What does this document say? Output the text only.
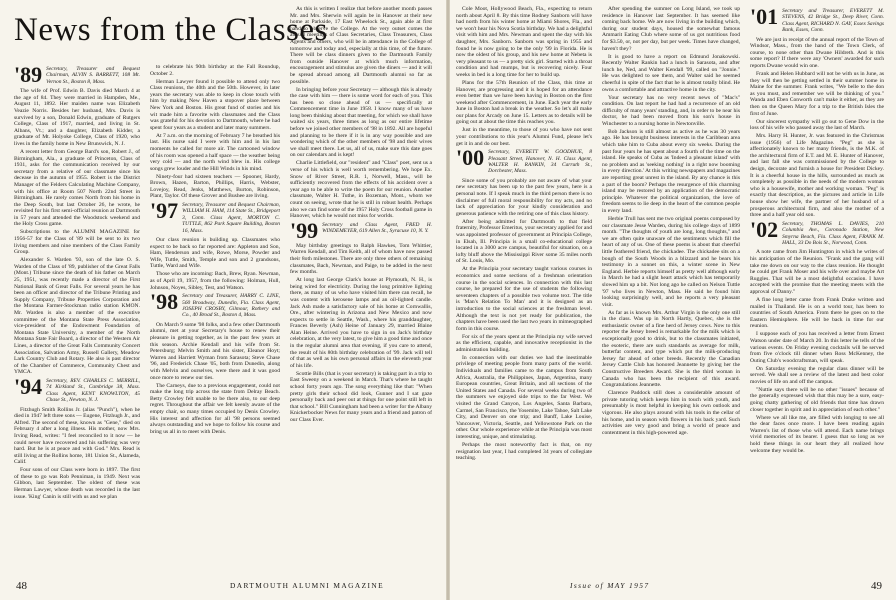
News from the Classes
'89 Secretary, Treasurer and Bequest Chairman, ALVIN S. BARRETT, 108 Mt. Vernon St., Boston 8, Mass.

The wife of Prof. Edwin B. Davis died March 4 at the age of 84. They were married in Hampden, Me., August 11, 1892. Her maiden name was Elizabeth Veazie Norris. Besides her husband, Mrs. Davis is survived by a son, Donald Edwin, graduate of Rutgers College, Class of 1917, married, and living in St. Albans, Vt.; and a daughter, Elizabeth Kidder, a graduate of Mt. Holyoke College, Class of 1920, who lives in the family home in New Brunswick, N. J.

A recent letter from George Bard's son, Robert J., of Birmingham, Ala., a graduate of Princeton, Class of 1931, asks for the communication received by our secretary from a relative of our classmate since his decease in the autumn of 1955. Robert is the District Manager of the Felders Calculating Machine Company, with his office at Room 507 North 22nd Street in Birmingham. He rarely comes North from his home in the Deep South, but last October 26, he wrote, he revisited for his first semi-official reunion at Dartmouth in 57 years and attended the Woodstock weekend and the Holy Cross game.

Subscriptions to the ALUMNI MAGAZINE for 1956-57 for the Class of '89 will be sent to its two living members and nine members of the Class Family Group.

Alexander S. Warden '93, son of the late O. S. Warden of the Class of '89, publisher of the Great Falls (Mont.) Tribune since the death of his father on March 25, 1951, was recently made a director of the First National Bank of Great Falls. For several years he has been an officer and director of the Tribune Printing and Supply Company, Tribune Properties Corporation and the Montana Farmer-Stockman radio station KMON. Mr. Warden is also a member of the executive committee of the Montana State Press Association, vice-president of the Endowment Foundation of Montana State University, a member of the North Montana State Fair Board, a director of the Western Air Lines, a director of the Great Falls Community Concert Association, Salvation Army, Russell Gallery, Meadow Lark Country Club and Rotary. He also is past director of the Chamber of Commerce, Community Chest and YMCA.

'94 Secretary, REV. CHARLES C. MERRILL, 74 Kirkland St., Cambridge 38, Mass. Class Agent, KENT KNOWLTON, 45 Chase St., Newton, N. J.

Fitzhugh Smith Rollins Jr. (alias "Punch"), when he died in 1947 left three sons — Eugene, Fitzhugh Jr., and Alfred. The second of these, known as "Gene," died on February 4 after a long illness. His mother, now Mrs. Irving Read, writes: "I feel reconciled to it now — he could never have recovered and his suffering was very hard. But he is at peace and with God." Mrs. Read is still living at the Rollins home, 181 Union St., Alameda, Calif.

Four sons of our Class were born in 1897. The first of these to go was Rob Penniman, in 1949. Next was Gibbon, last September. The oldest of these was Herman Lawyer, whose death was recorded in the last issue. 'King' Canin is still with us and we plan

to celebrate his 90th birthday at the Fall Roundup, October 2.

Herman Lawyer found it possible to attend only two Class reunions, the 40th and the 50th. However, in later years the secretary was able to keep in close touch with him by making New Haven a stopover place between New York and Boston. His great fund of stories and his wit made him a favorite with classmates and the Class was grateful for his devotion to Dartmouth, where he had spent four years as a student and later many summers.

At 7 a.m. on the morning of February 7 he breathed his last. His nurse said I were with him and in his last moments he called for more air. The cartooned window of his room was opened a half space — the weather being very cold — and the north wind blew in. His college songs grew louder and the Hill Winds in his mind.

Ninety-four had sixteen teachers — Spooner, Hardy, Brown, Hazen, Barton, Phillips, Harris, Webster, Lovejoy, Read, Jenks, Matthews, Burton, Robinson, Plant, Taylor. Of these Grover and Bushee are living.

'97 Secretary, Treasurer and Bequest Chairman, WILLIAM H. HAM, 114 State St., Bridgeport 3, Conn. Class Agent, MORTON C. TUTTLE, 862 Park Square Building, Boston 16, Mass.

Our class reunion is building up. Classmates who expect to be back so far reported are: Appleton and Son, Ham, Henderson and wife, Rowe, Morse, Powder and Wife, Tuttle, Smith, Temple and son and 2 grandsons, Tuttle, Ward and Wife.

Those who are incoming: Bach, Brew, Ryan. Newman, as of April 19, 1957, from the following: Holman, Hull, Johnson, Noyes, Sibley, Test, and Watson.

'98 Secretary and Treasurer, HARRY C. LINE, 560 Broadway, Dunedin, Fla. Class Agent, JOSEPH CROSBY, Gilmour, Rothery and Co., 40 Broad St., Boston 4, Mass.

On March 9 some '98 folks, and a few other Dartmouth alumni, met at your Secretary's house to renew their pleasure in getting together, as in the past few years at this season. Archie Kendall and his wife from St. Petersburg; Melvin Smith and his sister, Eleanor Hoyt; Warren and Harriett Wyman from Sarasota; Steve Chase '96, and Frederick Chase '05, both from Dunedin, along with Melvin and ourselves, were there and it was good once more to renew our ties.

The Carneys, due to a previous engagement, could not make the long trip across the state from Delray Beach. Betty Crowley felt unable to be there also, to our deep regret. Throughout the affair we felt keenly aware of the empty chair, so many times occupied by Denis Crowley. His interest and affection for all '98 persons seemed always outstanding and we hope to follow his course and bring us all in to meet with Denis.

As this is written I realize that before another month passes Mr. and Mrs. Sherwin will again be in Hanover at their new home at Parkside, 17 East Wheelock St., again able at first hand to observe the College. At the very outset comes the annual meetings of Class Secretaries, Class Treasurers, Class Agents and others, who will be in attendance in the College of tomorrow and today and, especially at this time, of the future. There will be class dinners given to the Dartmouth Family from outside Hanover at which much information, encouragement and stimulus are given the diners — and it will be spread abroad among all Dartmouth alumni so far as possible.

In bringing before your Secretary — although this is already the case with him — there is some word for each of you. This has been so close ahead of us — specifically at Commencement time in June 1958. I know many of us have long been thinking about that meeting, for which we shall have waited six years, three times as long as our entire lifetime before we joined other members of '98 in 1892. All are hopeful and planning to be there if it is in any way possible and are wondering which of the other members of '98 and their wives we shall meet there. Let us, all of us, make sure this date goes on our calendars and is kept!

Charlie Littlefield, our "resident" and "Class" poet, sent us a verse of his which is well worth remembering. We hope Ex. Snow of River Street, R.R. 1, Norwell, Mass., will be sufficiently recovered from the effects of his accident over a year ago to be able to write the poem for our reunion. Another classmate, Walter H. Tuthe, in Bozeman, Mont., whom we count on seeing, wrote that he is still in robust health. Perhaps also we can find some of the 1957 Holy Cross football game in Hanover, which he would not miss for worlds.

'99 Secretary and Class Agent, FRED H. WINDEMEYER, 619 Allen St., Syracuse 10, N. Y.

May birthday greetings to Ralph Hawkes, Tom Whittier, Warren Kendall, and Tim Keith, all of whom have now passed their 8oth milestones. There are only three others of remaining classmates, Bach, Newman, and Paige, to be added in the next few months.

At long last George Clark's house at Plymouth, N. H., is being wired for electricity. During the long primitive lighting there, as many of us who have visited him there can recall, he was content with kerosene lamps and an oil-lighted candle. Jack Ash made a satisfactory sale of his home at Cornwallis, Ore., after wintering in Arizona and New Mexico and now expects to settle in Seattle, Wash., where his granddaughter, Frances Beverly (Ash) Heine of January 29, married Blaine Alan Heine. Arrived you have to sign in on Jack's birthday celebration, at the very latest, to give him a good time and once in the regular alumni area that evening, if you care to attend, the result of his 80th birthday celebration of '99. Jack will tell of that as well as his own personal affairs in the eleventh year of his life.

Scottie Bills (that is your secretary) is taking part in a trip to East Sweeny on a weekend in March. That's where he taught school forty years ago. The song everything like that: "When pretty girls their school did look, Gunner and I sat gaze personally back and peer out at things for one point still left in that school." Bill Cunningham had been a writer for the Albany Knickerbocker News for many years and a friend and patron of our Class Ever.

48	DARTMOUTH ALUMNI MAGAZINE

Cole Moot, Hollywood Beach, Fla., expecting to return north about April 8. By this time Rodney Sanborn will have had north from his winter home at Miami Shores, Fla., and we won't hear his Nova Scotia birthday. We had a delightful visit with him and Mrs. Newman and spent the day with his daughter, Mrs. Sanborn. Sanborn was spring in 1955 and found he is now going to be the only '99 in Florida. He is now the oldest of his group, and his new home at Nebeta is very pleasant to us — a pretty sick girl. Started with a throat condition and had mumps, but is recovering nicely. Four weeks in bed is a long time for her to build up.

Plans for the 57th Reunion of the Class, this time at Hanover, are progressing and it is hoped for an attendance even better than we have been having in Boston on the first weekend after Commencement, in June. Each year the early June in Boston had a break in the weather. So let's all make our plans for Arcady on June 15. Letters as to details will be going out at about the time this reaches you.

Just in the meantime, to those of you who have not sent your contributions to this year's Alumni Fund, please let's get it in and do our best.

'00 Secretary, EVERETT W. GOODHUE, 8 Pleasant Street, Hanover, N. H. Class Agent, WALTER H. RANKIN, 34 Carruth St., Dorchester, Mass.

Since some of you probably are not aware of what your new secretary has been up to the past few years, here is a personal note. If I speak much in the third person there is no disclaimer of full moral responsibility for my acts, and no lack of appreciation for your kindly consideration and generous patience with the retiring one of this class history.

After being admitted for Dartmouth to that field fraternity, Professor Emeritus, your secretary applied for and was appointed professor of government at Principia College, in Elsah, Ill. Principia is a small co-educational college located in a 3000 acre campus, beautiful for situation, on a lofty bluff above the Mississippi River some 35 miles north of St. Louis, Mo.

At the Principia your secretary taught various courses in economics and some sections of a freshman orientation course in the social sciences. In connection with this last course, he prepared for the use of students the following seventeen chapters of a possible two volume text. The title is 'Man's Relation To Man' and it is designed as an introduction to the social sciences at the freshman level. Although the text is not yet ready for publication, the chapters have been used the last two years in mimeographed form in this course.

For six of the years spent at the Principia my wife served as the efficient, capable, and innovative receptionist in the administration building.

In connection with our duties we had the inestimable privilege of meeting people from many parts of the world. Individuals and families came to the campus from South Africa, Australia, the Philippines, Japan, Argentina, many European countries, Great Britain, and all sections of the United States and Canada. For several weeks during two of the summers we enjoyed side trips to the far West. We visited the Grand Canyon, Los Angeles, Santa Barbara, Carmel, San Francisco, the Yosemite, Lake Tahoe, Salt Lake City, and Denver on one trip; and Banff, Lake Louise, Vancouver, Victoria, Seattle, and Yellowstone Park on the other. Our whole experience while at the Principia was most interesting, unique, and stimulating.

Perhaps the most noteworthy fact is that, on my resignation last year, I had completed 34 years of collegiate teaching.

After spending the summer on Long Island, we took up residence in Hanover last September. It has seemed like coming back home. We are now living in the building which, during our student days, housed the somewhat famous Ammarit Eating Club where some of us got nutritious food for $3.50, or, not per day, but per week. Times have changed, haven't they?

It is good to have a report on Edmund Jonakowski. Recently Walter Rankin had a lunch in Sarasota, and after lunch he, Ned, and Walter Kendall '99, called on "Jonnie." He was delighted to see them, and Walter said he seemed cheerful in spite of the fact that he is almost totally blind. He owns a comfortable and attractive home in the city.

Your secretary has no very recent news of "Mac's" condition. On last report he had had a recurrence of an old difficulty of many years' standing, and, in order to be near his doctor, he had been moved from his son's house in Winchester to a nursing home in Newtonville.

Bob Jackson is still almost as active as he was 30 years ago. He has brought business interests in the Caribbean area which take him to Cuba about every six weeks. During the past four years he has spent about a fourth of the time on the island. He speaks of Cuba as 'Indeed a pleasant island' with no problem and as 'seeking nothing' in a right now booming in every direction.' At this writing newspapers and magazines are reporting great unrest in the island. By any chance is this a part of the boom? Perhaps the resurgence of this charming island may be restored by an application of the democratic principle. Whatever the political organization, the love of freedom seems to lie deep in the heart of the common people in every land.

Herbie Trull has sent me two original poems composed by our classmate Jesse Warden, during his college days of 1899 month. "The thoughts of youth are long, long thoughts," and we are often quite unaware of the sentiments which fill the heart of any of us. One of these poems is about that cheerful little feathered friend, the chickadee. The chickadee sits on a bough of the South Woods in a blizzard and he bears his testimony in a sonnet on this, a winter scene in New England. Herbie reports himself as pretty well although early in March he had a slight heart attack which has temporarily slowed him up a bit. Not long ago he called on Nelson Tuttle '97 who lives in Newton, Mass. He said he found him looking surprisingly well, and he reports a very pleasant visit.

As far as is known Mrs. Arthur Virgin is the only one still in the class. Was up in North Hartly, Quebec, she is the enthusiastic owner of a fine herd of Jersey cows. Now to this reporter the Jersey breed is remarkable for the milk which is exceptionally good to drink, but to the classmates initiated, the esoteric, there are such standards as average for milk, butterfat content, and type which put the milk-producing Jersey far ahead of other breeds. Recently the Canadian Jersey Cattle Club has honored Jeannette by giving her the Constructive Breeders Award. She is the third woman in Canada who has been the recipient of this award. Congratulations Jeannette.

Clarence Paddock still does a considerable amount of private tutoring which keeps him in touch with youth, and presumably is most helpful in keeping his own outlook and vigorous. He also plays around with his tools in the cellar of his home, and in season with flowers in his back yard. Such activities are very good and bring a world of peace and contentment in this high-powered age.

'01 Secretary and Treasurer, EVERETT M. STEVENS, 42 Bridge St., Deep River, Conn. Class Agent, RICHARD N. GAY, Essex Savings Bank, Essex, Conn.

We are just in receipt of the annual report of the Town of Windsor, Mass., from the hand of the Town Clerk, of course, to none other than Dwane Hildreth. And is this some report? If there were any 'Owners' awarded for such reports Dwane would win one.

Frank and Helen Hubbard will not be with us in June, as they will then be getting settled in their summer home in Maine for the summer. Frank writes, "We belle to the don as you must, and remember we will be thinking of you." Wanda and Eben Conworth can't make it either, as they are then on the Queen Mary for a trip to the British Isles the first of June.

Our sincerest sympathy will go out to Gene Dow in the loss of his wife who passed away the last of March.

Mrs. Harry H. Hunter, Jr. was featured in the Christmas issue (1956) of Life Magazine. "Peg" as she is affectionately known to her many friends, is the M.K. of the architectural firm of E.T. and M. E. Hunter of Hanover, and last fall she was commissioned by the College to design, decorate and furnish a house for President Dickey. It is a cheerful house in the hills, surrounded as much as completely as possible in the needs of the modern woman who is a housewife, mother and working woman. "Peg" is exactly that description, as the pictures and article in Life house show her wife, the partner of her husband of a prosperous architectural firm, and also the mother of a three and a half year old son.

'02 Secretary, THOMAS L. DAVIES, 210 Columbia Ave., Coronado Station, New Smyrna Beach, Fla. Class Agent, FRANK M. HALL, 33 Do Bois St., Norwood, Conn.

A note came from Jim Huntington in which he writes of his anticipation of the Reunion. "Frank and the gang will take me down on our way to the class reunion. He thought he could get Frank Moser and his wife over and maybe Art Ruggles. That will be a most delightful occasion. I have accepted with the promise that the meeting meets with the approval of Danny."

A fine long letter came from Frank Drake written and mailed in Thailand. He is on a world tour, has been to countries of South America. From there he goes on to the Eastern Hemisphere. He will be back in time for our reunion.

I suppose each of you has received a letter from Ernest Watson under date of March 20. In this letter he tells of the various events. On Friday evening cocktails will be served from five o'clock till dinner when Ross McKenney, the Outing Club's woodcraftsman, will speak.

On Saturday evening the regular class dinner will be served. We shall see a review of the latest and best color movies of life on and off the campus.

"Nuttie says there will be no other "issues" because of the generally expressed wish that this may be a sure, easy-going chatty gathering of old friends that time has drawn closer together in spirit and in appreciation of each other."

Where we all like me, are filled with longing to see all the dear faces once more. I have been reading again Warren's list of those who will attend. Each name brings vivid memories of its bearer. I guess that so long as we hold these things in our heart they all realized how welcome they would be.

Issue of MAY 1957	49
